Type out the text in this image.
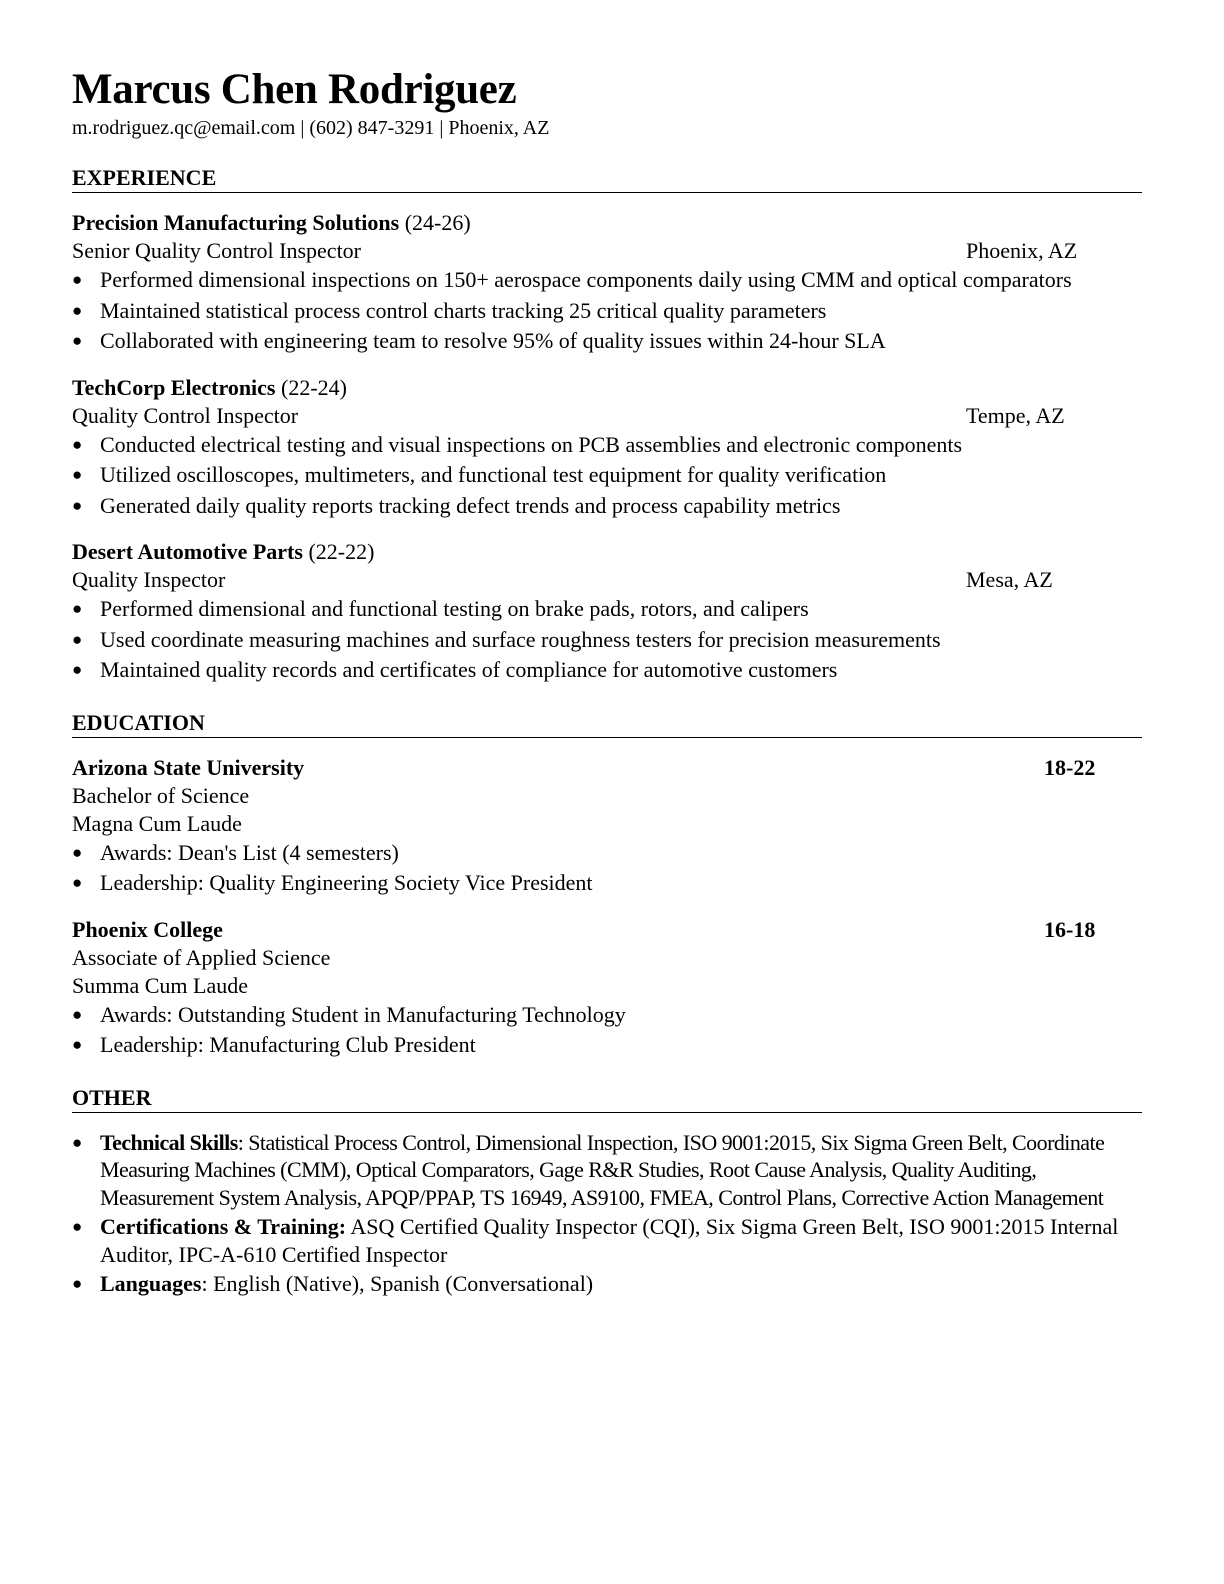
Marcus Chen Rodriguez
m.rodriguez.qc@email.com | (602) 847-3291 | Phoenix, AZ
EXPERIENCE
Precision Manufacturing Solutions (24-26)
Senior Quality Control Inspector	Phoenix, AZ
● Performed dimensional inspections on 150+ aerospace components daily using CMM and optical comparators
● Maintained statistical process control charts tracking 25 critical quality parameters
● Collaborated with engineering team to resolve 95% of quality issues within 24-hour SLA
TechCorp Electronics (22-24)
Quality Control Inspector	Tempe, AZ
● Conducted electrical testing and visual inspections on PCB assemblies and electronic components
● Utilized oscilloscopes, multimeters, and functional test equipment for quality verification
● Generated daily quality reports tracking defect trends and process capability metrics
Desert Automotive Parts (22-22)
Quality Inspector	Mesa, AZ
● Performed dimensional and functional testing on brake pads, rotors, and calipers
● Used coordinate measuring machines and surface roughness testers for precision measurements
● Maintained quality records and certificates of compliance for automotive customers
EDUCATION
Arizona State University	18-22
Bachelor of Science
Magna Cum Laude
● Awards: Dean's List (4 semesters)
● Leadership: Quality Engineering Society Vice President
Phoenix College	16-18
Associate of Applied Science
Summa Cum Laude
● Awards: Outstanding Student in Manufacturing Technology
● Leadership: Manufacturing Club President
OTHER
● Technical Skills: Statistical Process Control, Dimensional Inspection, ISO 9001:2015, Six Sigma Green Belt, Coordinate Measuring Machines (CMM), Optical Comparators, Gage R&R Studies, Root Cause Analysis, Quality Auditing, Measurement System Analysis, APQP/PPAP, TS 16949, AS9100, FMEA, Control Plans, Corrective Action Management
● Certifications & Training: ASQ Certified Quality Inspector (CQI), Six Sigma Green Belt, ISO 9001:2015 Internal Auditor, IPC-A-610 Certified Inspector
● Languages: English (Native), Spanish (Conversational)
